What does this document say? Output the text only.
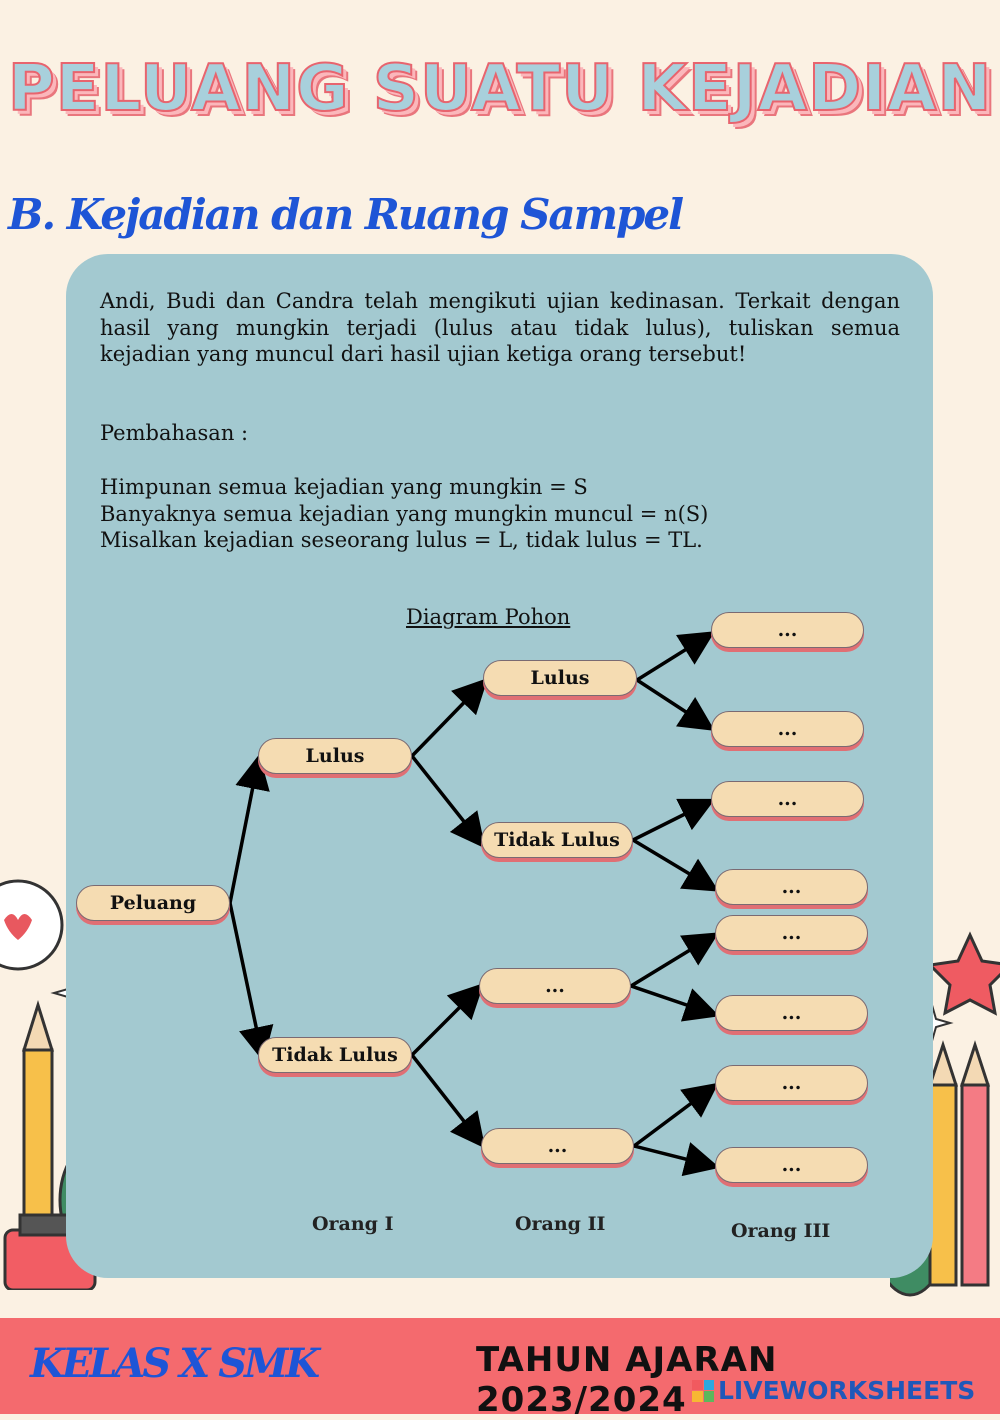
PELUANG SUATU KEJADIAN
B. Kejadian dan Ruang Sampel

Andi, Budi dan Candra telah mengikuti ujian kedinasan. Terkait dengan hasil yang mungkin terjadi (lulus atau tidak lulus), tuliskan semua kejadian yang muncul dari hasil ujian ketiga orang tersebut!

Pembahasan :
Himpunan semua kejadian yang mungkin = S
Banyaknya semua kejadian yang mungkin muncul = n(S)
Misalkan kejadian seseorang lulus = L, tidak lulus = TL.
Diagram Pohon
Peluang
Lulus
Tidak Lulus
Lulus
Tidak Lulus
...
...
...
...
...
...
...
...
...
...
Orang I	Orang II	Orang III
KELAS X SMK	TAHUN AJARAN 2023/2024	LIVEWORKSHEETS
